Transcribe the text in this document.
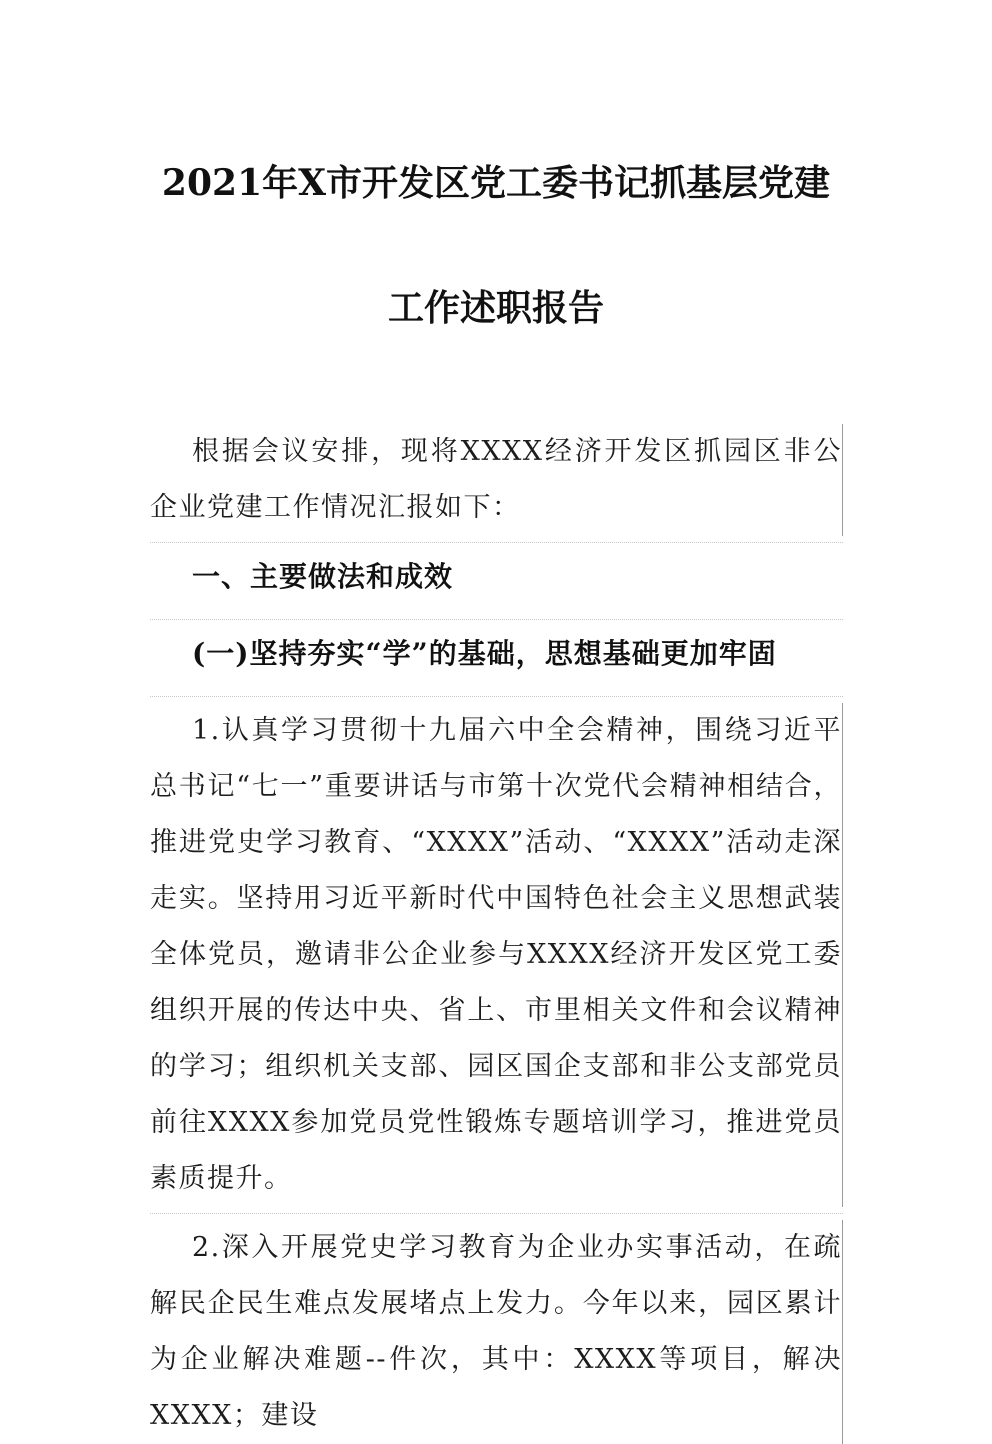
2021年X市开发区党工委书记抓基层党建
工作述职报告
根据会议安排，现将XXXX经济开发区抓园区非公企业党建工作情况汇报如下：
一、主要做法和成效
(一)坚持夯实“学”的基础，思想基础更加牢固
1.认真学习贯彻十九届六中全会精神，围绕习近平总书记“七一”重要讲话与市第十次党代会精神相结合，推进党史学习教育、“XXXX”活动、“XXXX”活动走深走实。坚持用习近平新时代中国特色社会主义思想武装全体党员，邀请非公企业参与XXXX经济开发区党工委组织开展的传达中央、省上、市里相关文件和会议精神的学习；组织机关支部、园区国企支部和非公支部党员前往XXXX参加党员党性锻炼专题培训学习，推进党员素质提升。
2.深入开展党史学习教育为企业办实事活动，在疏解民企民生难点发展堵点上发力。今年以来，园区累计为企业解决难题--件次，其中：XXXX等项目，解决XXXX；建设
